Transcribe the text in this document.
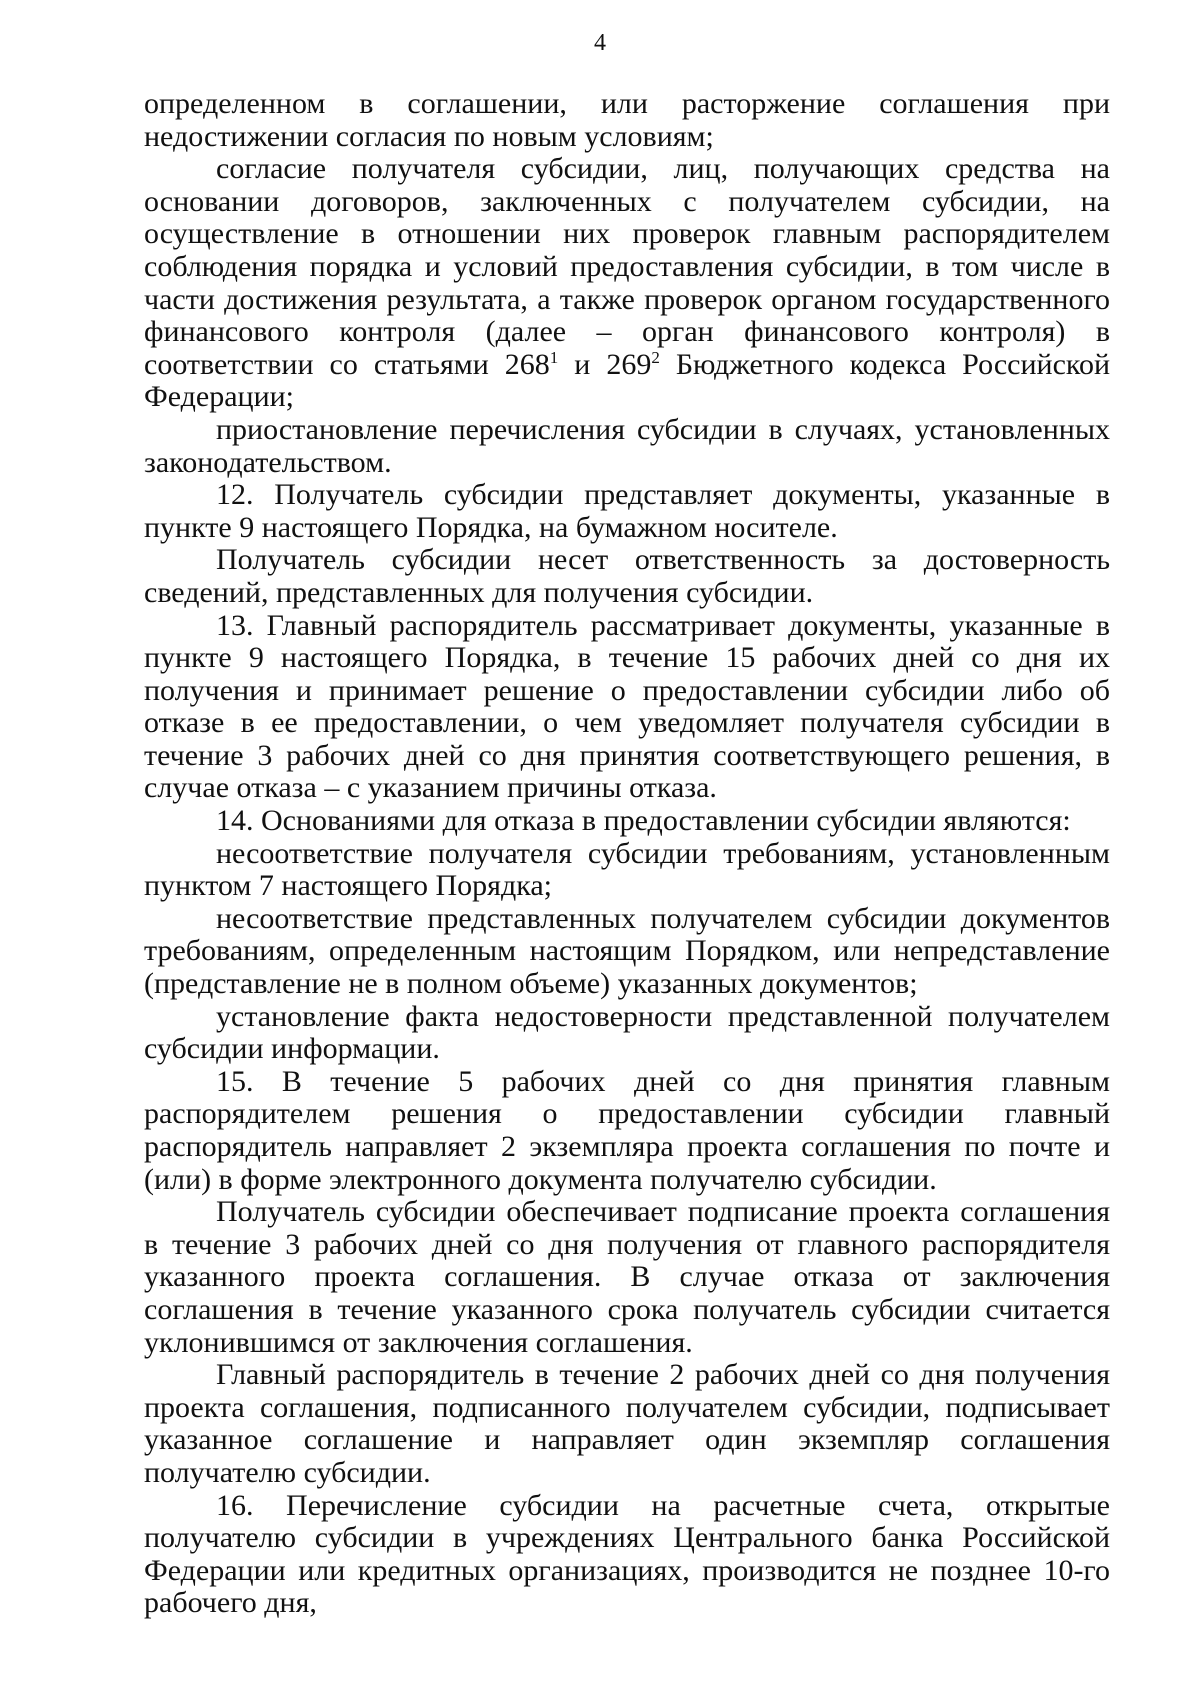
4

определенном в соглашении, или расторжение соглашения при недостижении согласия по новым условиям;

согласие получателя субсидии, лиц, получающих средства на основании договоров, заключенных с получателем субсидии, на осуществление в отношении них проверок главным распорядителем соблюдения порядка и условий предоставления субсидии, в том числе в части достижения результата, а также проверок органом государственного финансового контроля (далее – орган финансового контроля) в соответствии со статьями $268^1$ и $269^2$ Бюджетного кодекса Российской Федерации;

приостановление перечисления субсидии в случаях, установленных законодательством.

12. Получатель субсидии представляет документы, указанные в пункте 9 настоящего Порядка, на бумажном носителе.

Получатель субсидии несет ответственность за достоверность сведений, представленных для получения субсидии.

13. Главный распорядитель рассматривает документы, указанные в пункте 9 настоящего Порядка, в течение 15 рабочих дней со дня их получения и принимает решение о предоставлении субсидии либо об отказе в ее предоставлении, о чем уведомляет получателя субсидии в течение 3 рабочих дней со дня принятия соответствующего решения, в случае отказа – с указанием причины отказа.

14. Основаниями для отказа в предоставлении субсидии являются:

несоответствие получателя субсидии требованиям, установленным пунктом 7 настоящего Порядка;

несоответствие представленных получателем субсидии документов требованиям, определенным настоящим Порядком, или непредставление (представление не в полном объеме) указанных документов;

установление факта недостоверности представленной получателем субсидии информации.

15. В течение 5 рабочих дней со дня принятия главным распорядителем решения о предоставлении субсидии главный распорядитель направляет 2 экземпляра проекта соглашения по почте и (или) в форме электронного документа получателю субсидии.

Получатель субсидии обеспечивает подписание проекта соглашения в течение 3 рабочих дней со дня получения от главного распорядителя указанного проекта соглашения. В случае отказа от заключения соглашения в течение указанного срока получатель субсидии считается уклонившимся от заключения соглашения.

Главный распорядитель в течение 2 рабочих дней со дня получения проекта соглашения, подписанного получателем субсидии, подписывает указанное соглашение и направляет один экземпляр соглашения получателю субсидии.

16. Перечисление субсидии на расчетные счета, открытые получателю субсидии в учреждениях Центрального банка Российской Федерации или кредитных организациях, производится не позднее 10-го рабочего дня,
